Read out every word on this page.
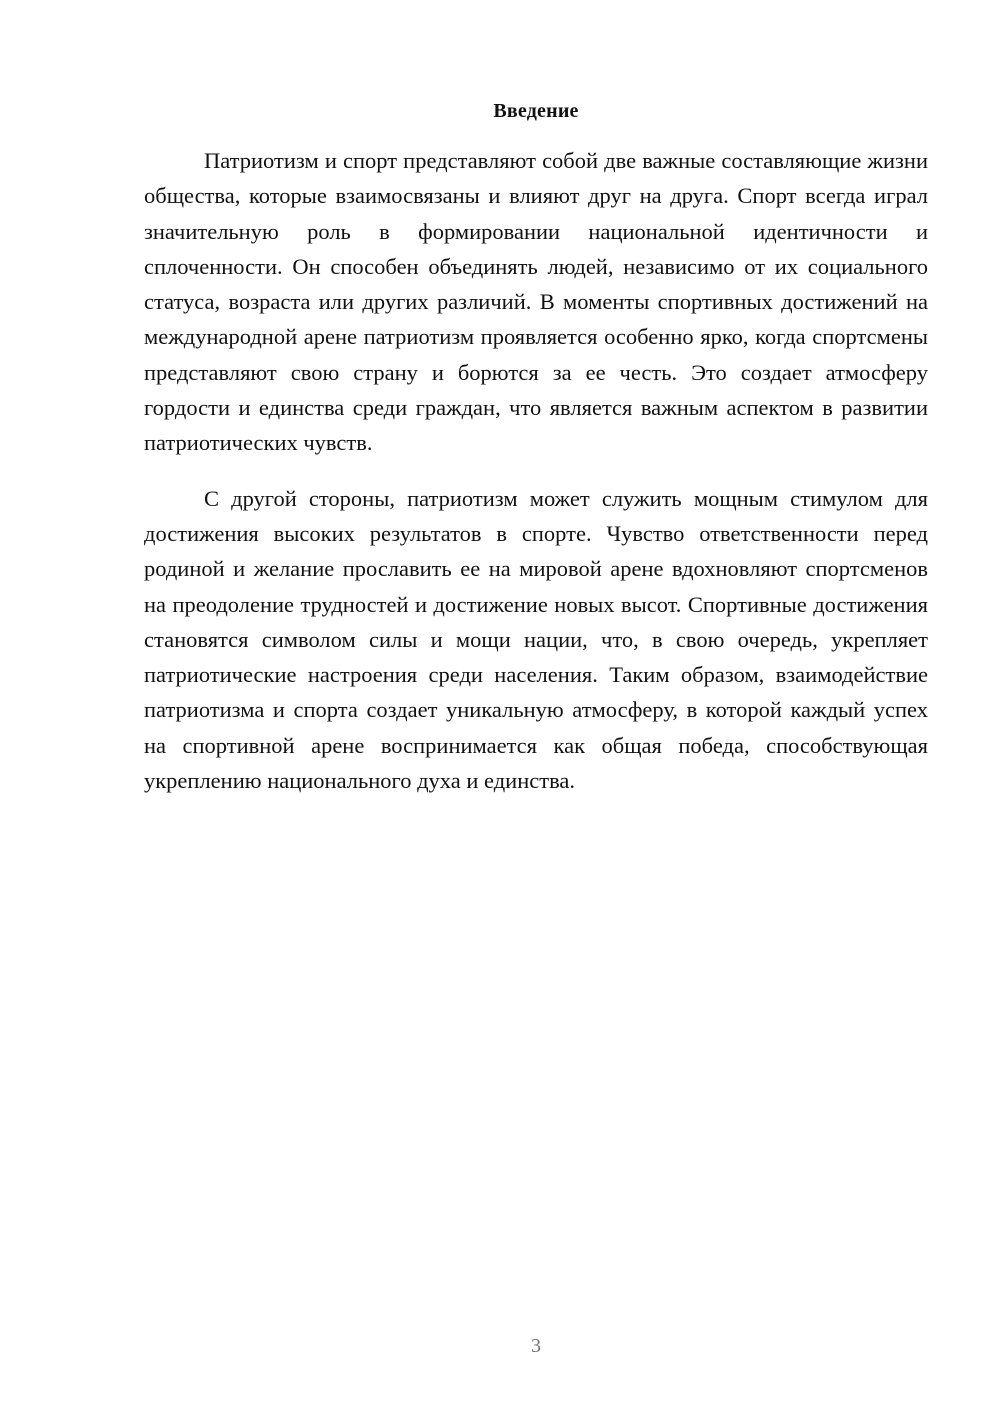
Введение

Патриотизм и спорт представляют собой две важные составляющие жизни общества, которые взаимосвязаны и влияют друг на друга. Спорт всегда играл значительную роль в формировании национальной идентичности и сплоченности. Он способен объединять людей, независимо от их социального статуса, возраста или других различий. В моменты спортивных достижений на международной арене патриотизм проявляется особенно ярко, когда спортсмены представляют свою страну и борются за ее честь. Это создает атмосферу гордости и единства среди граждан, что является важным аспектом в развитии патриотических чувств.

С другой стороны, патриотизм может служить мощным стимулом для достижения высоких результатов в спорте. Чувство ответственности перед родиной и желание прославить ее на мировой арене вдохновляют спортсменов на преодоление трудностей и достижение новых высот. Спортивные достижения становятся символом силы и мощи нации, что, в свою очередь, укрепляет патриотические настроения среди населения. Таким образом, взаимодействие патриотизма и спорта создает уникальную атмосферу, в которой каждый успех на спортивной арене воспринимается как общая победа, способствующая укреплению национального духа и единства.

3
